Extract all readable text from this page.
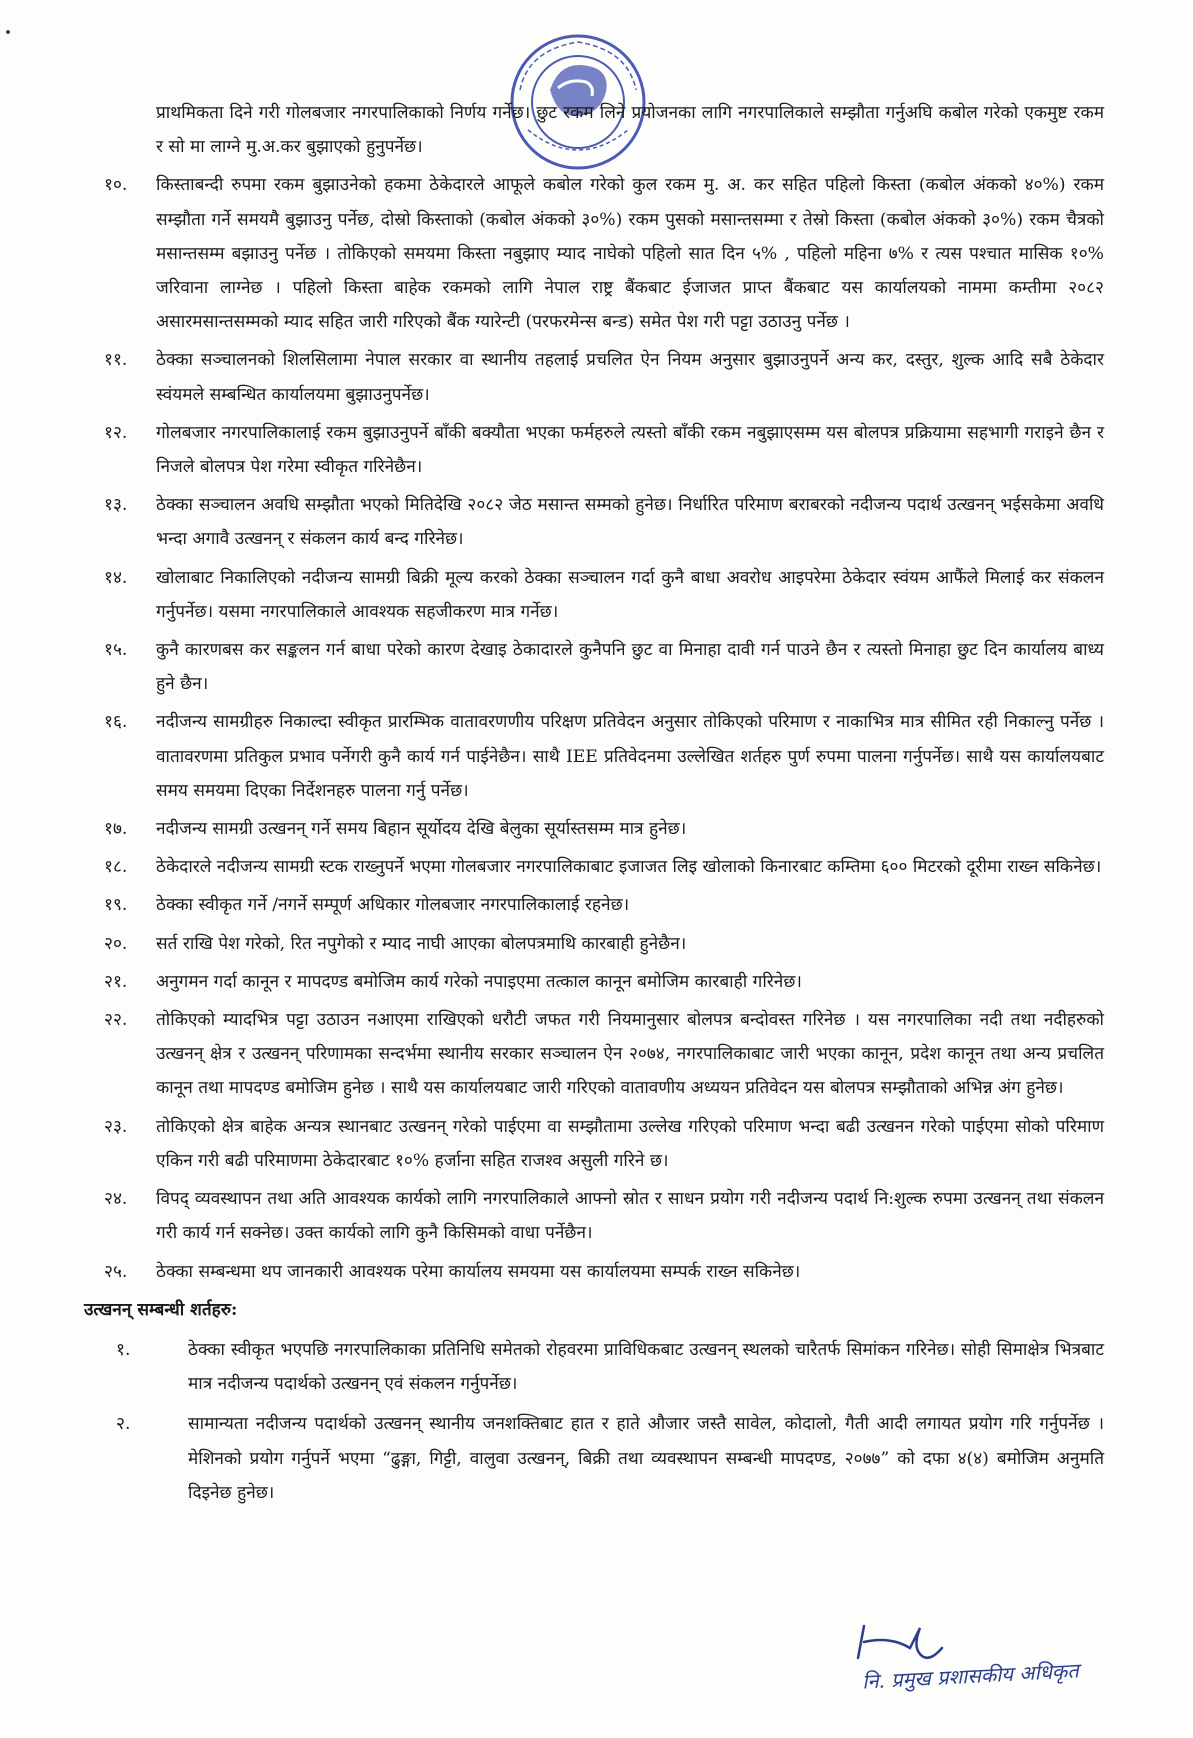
प्राथमिकता दिने गरी गोलबजार नगरपालिकाको निर्णय गर्नेछ। छुट रकम लिने प्रयोजनका लागि नगरपालिकाले सम्झौता गर्नुअघि कबोल गरेको एकमुष्ट रकम र सो मा लाग्ने मु.अ.कर बुझाएको हुनुपर्नेछ।

१०.	किस्ताबन्दी रुपमा रकम बुझाउनेको हकमा ठेकेदारले आफूले कबोल गरेको कुल रकम मु. अ. कर सहित पहिलो किस्ता (कबोल अंकको ४०%) रकम सम्झौता गर्ने समयमै बुझाउनु पर्नेछ, दोस्रो किस्ताको (कबोल अंकको ३०%) रकम पुसको मसान्तसम्मा र तेस्रो किस्ता (कबोल अंकको ३०%) रकम चैत्रको मसान्तसम्म बझाउनु पर्नेछ । तोकिएको समयमा किस्ता नबुझाए म्याद नाघेको पहिलो सात दिन ५% , पहिलो महिना ७% र त्यस पश्चात मासिक १०% जरिवाना लाग्नेछ । पहिलो किस्ता बाहेक रकमको लागि नेपाल राष्ट्र बैंकबाट ईजाजत प्राप्त बैंकबाट यस कार्यालयको नाममा कम्तीमा २०८२ असारमसान्तसम्मको म्याद सहित जारी गरिएको बैंक ग्यारेन्टी (परफरमेन्स बन्ड) समेत पेश गरी पट्टा उठाउनु पर्नेछ ।
११.	ठेक्का सञ्चालनको शिलसिलामा नेपाल सरकार वा स्थानीय तहलाई प्रचलित ऐन नियम अनुसार बुझाउनुपर्ने अन्य कर, दस्तुर, शुल्क आदि सबै ठेकेदार स्वंयमले सम्बन्धित कार्यालयमा बुझाउनुपर्नेछ।
१२.	गोलबजार नगरपालिकालाई रकम बुझाउनुपर्ने बाँकी बक्यौता भएका फर्महरुले त्यस्तो बाँकी रकम नबुझाएसम्म यस बोलपत्र प्रक्रियामा सहभागी गराइने छैन र निजले बोलपत्र पेश गरेमा स्वीकृत गरिनेछैन।
१३.	ठेक्का सञ्चालन अवधि सम्झौता भएको मितिदेखि २०८२ जेठ मसान्त सम्मको हुनेछ। निर्धारित परिमाण बराबरको नदीजन्य पदार्थ उत्खनन् भईसकेमा अवधि भन्दा अगावै उत्खनन् र संकलन कार्य बन्द गरिनेछ।
१४.	खोलाबाट निकालिएको नदीजन्य सामग्री बिक्री मूल्य करको ठेक्का सञ्चालन गर्दा कुनै बाधा अवरोध आइपरेमा ठेकेदार स्वंयम आफैंले मिलाई कर संकलन गर्नुपर्नेछ। यसमा नगरपालिकाले आवश्यक सहजीकरण मात्र गर्नेछ।
१५.	कुनै कारणबस कर सङ्कलन गर्न बाधा परेको कारण देखाइ ठेकादारले कुनैपनि छुट वा मिनाहा दावी गर्न पाउने छैन र त्यस्तो मिनाहा छुट दिन कार्यालय बाध्य हुने छैन।
१६.	नदीजन्य सामग्रीहरु निकाल्दा स्वीकृत प्रारम्भिक वातावरणणीय परिक्षण प्रतिवेदन अनुसार तोकिएको परिमाण र नाकाभित्र मात्र सीमित रही निकाल्नु पर्नेछ । वातावरणमा प्रतिकुल प्रभाव पर्नेगरी कुनै कार्य गर्न पाईनेछैन। साथै IEE प्रतिवेदनमा उल्लेखित शर्तहरु पुर्ण रुपमा पालना गर्नुपर्नेछ। साथै यस कार्यालयबाट समय समयमा दिएका निर्देशनहरु पालना गर्नु पर्नेछ।
१७.	नदीजन्य सामग्री उत्खनन् गर्ने समय बिहान सूर्योदय देखि बेलुका सूर्यास्तसम्म मात्र हुनेछ।
१८.	ठेकेदारले नदीजन्य सामग्री स्टक राख्नुपर्ने भएमा गोलबजार नगरपालिकाबाट इजाजत लिइ खोलाको किनारबाट कम्तिमा ६०० मिटरको दूरीमा राख्न सकिनेछ।
१९.	ठेक्का स्वीकृत गर्ने /नगर्ने सम्पूर्ण अधिकार गोलबजार नगरपालिकालाई रहनेछ।
२०.	सर्त राखि पेश गरेको, रित नपुगेको र म्याद नाघी आएका बोलपत्रमाथि कारबाही हुनेछैन।
२१.	अनुगमन गर्दा कानून र मापदण्ड बमोजिम कार्य गरेको नपाइएमा तत्काल कानून बमोजिम कारबाही गरिनेछ।
२२.	तोकिएको म्यादभित्र पट्टा उठाउन नआएमा राखिएको धरौटी जफत गरी नियमानुसार बोलपत्र बन्दोवस्त गरिनेछ । यस नगरपालिका नदी तथा नदीहरुको उत्खनन् क्षेत्र र उत्खनन् परिणामका सन्दर्भमा स्थानीय सरकार सञ्चालन ऐन २०७४, नगरपालिकाबाट जारी भएका कानून, प्रदेश कानून तथा अन्य प्रचलित कानून तथा मापदण्ड बमोजिम हुनेछ । साथै यस कार्यालयबाट जारी गरिएको वातावणीय अध्ययन प्रतिवेदन यस बोलपत्र सम्झौताको अभिन्न अंग हुनेछ।
२३.	तोकिएको क्षेत्र बाहेक अन्यत्र स्थानबाट उत्खनन् गरेको पाईएमा वा सम्झौतामा उल्लेख गरिएको परिमाण भन्दा बढी उत्खनन गरेको पाईएमा सोको परिमाण एकिन गरी बढी परिमाणमा ठेकेदारबाट १०% हर्जाना सहित राजश्व असुली गरिने छ।
२४.	विपद् व्यवस्थापन तथा अति आवश्यक कार्यको लागि नगरपालिकाले आफ्नो स्रोत र साधन प्रयोग गरी नदीजन्य पदार्थ नि:शुल्क रुपमा उत्खनन् तथा संकलन गरी कार्य गर्न सक्नेछ। उक्त कार्यको लागि कुनै किसिमको वाधा पर्नेछैन।
२५.	ठेक्का सम्बन्धमा थप जानकारी आवश्यक परेमा कार्यालय समयमा यस कार्यालयमा सम्पर्क राख्न सकिनेछ।
उत्खनन् सम्बन्धी शर्तहरु:
१.	ठेक्का स्वीकृत भएपछि नगरपालिकाका प्रतिनिधि समेतको रोहवरमा प्राविधिकबाट उत्खनन् स्थलको चारैतर्फ सिमांकन गरिनेछ। सोही सिमाक्षेत्र भित्रबाट मात्र नदीजन्य पदार्थको उत्खनन् एवं संकलन गर्नुपर्नेछ।
२.	सामान्यता नदीजन्य पदार्थको उत्खनन् स्थानीय जनशक्तिबाट हात र हाते औजार जस्तै सावेल, कोदालो, गैती आदी लगायत प्रयोग गरि गर्नुपर्नेछ । मेशिनको प्रयोग गर्नुपर्ने भएमा “ढुङ्गा, गिट्टी, वालुवा उत्खनन्, बिक्री तथा व्यवस्थापन सम्बन्धी मापदण्ड, २०७७” को दफा ४(४) बमोजिम अनुमति दिइनेछ हुनेछ।
नि. प्रमुख प्रशासकीय अधिकृत
